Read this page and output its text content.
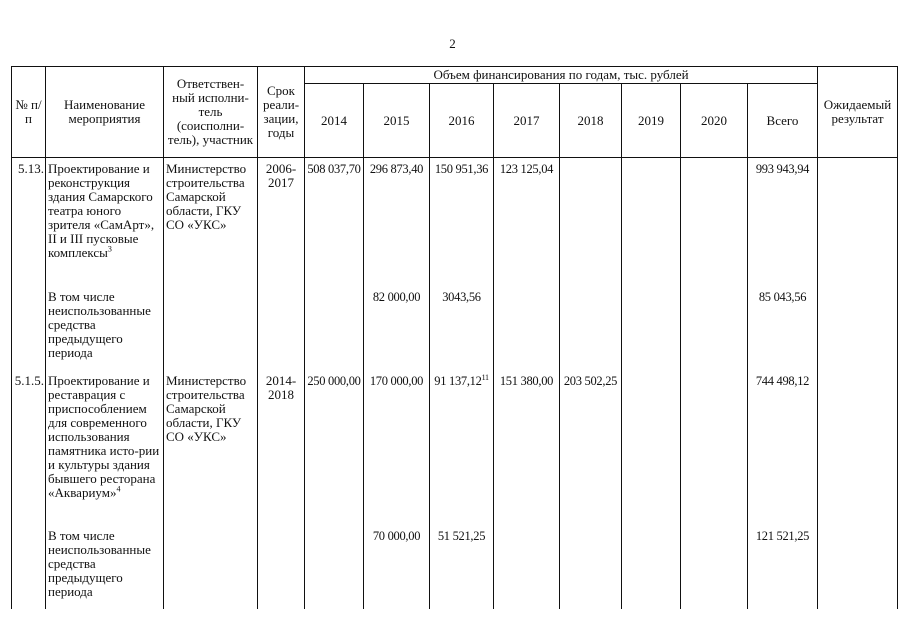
2
№ п/п	Наименование мероприятия	Ответствен-ный исполни-тель (соисполни-тель), участник	Срок реали-зации, годы	Объем финансирования по годам, тыс. рублей								Ожидаемый результат
				2014	2015	2016	2017	2018	2019	2020	Всего	
5.13.	Проектирование и реконструкция здания Самарского театра юного зрителя «СамАрт», II и III пусковые комплексы$^3$	Министерство строительства Самарской области, ГКУ СО «УКС»	2006-2017	508 037,70	296 873,40	150 951,36	123 125,04				993 943,94	
	В том числе неиспользованные средства предыдущего периода				82 000,00	3043,56					85 043,56	
5.1.5.	Проектирование и реставрация с приспособлением для современного использования памятника исто-рии и культуры здания бывшего ресторана «Аквариум»$^4$	Министерство строительства Самарской области, ГКУ СО «УКС»	2014-2018	250 000,00	170 000,00	91 137,12$^{11}$	151 380,00	203 502,25			744 498,12	
	В том числе неиспользованные средства предыдущего периода				70 000,00	51 521,25					121 521,25	
